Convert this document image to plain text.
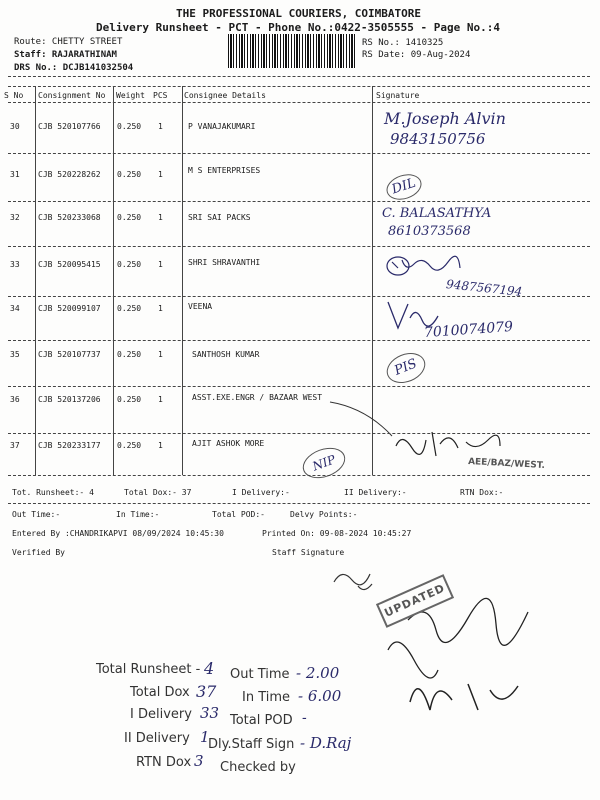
THE PROFESSIONAL COURIERS, COIMBATORE
Delivery Runsheet - PCT - Phone No.:0422-3505555 - Page No.:4
Route: CHETTY STREET
Staff: RAJARATHINAM
DRS No.: DCJB141032504
RS No.: 1410325
RS Date: 09-Aug-2024
S No Consignment No Weight PCS Consignee Details	Signature
30 CJB 520107766 0.250 1	P VANAJAKUMARI	M.Joseph Alvin
9843150756
31 CJB 520228262 0.250 1	M S ENTERPRISES
DIL
32 CJB 520233068 0.250 1	SRI SAI PACKS	C. BALASATHYA
8610373568
33 CJB 520095415 0.250 1	SHRI SHRAVANTHI
9487567194
34 CJB 520099107 0.250 1	VEENA
7010074079
35 CJB 520107737 0.250 1	SANTHOSH KUMAR
PIS
36 CJB 520137206 0.250 1	ASST.EXE.ENGR / BAZAAR WEST
37 CJB 520233177 0.250 1	AJIT ASHOK MORE
NIP	AEE/BAZ/WEST.
Tot. Runsheet:- 4	Total Dox:- 37	I Delivery:-	II Delivery:-	RTN Dox:-
Out Time:-	In Time:-	Total POD:-	Delvy Points:-
Entered By :CHANDRIKAPVI 08/09/2024 10:45:30	Printed On: 09-08-2024 10:45:27
Verified By	Staff Signature
UPDATED
Total Runsheet - 4
Total Dox 37
I Delivery 33
II Delivery 1
RTN Dox 3
Out Time - 2.00
In Time - 6.00
Total POD -
Dly.Staff Sign - D.Raj
Checked by
